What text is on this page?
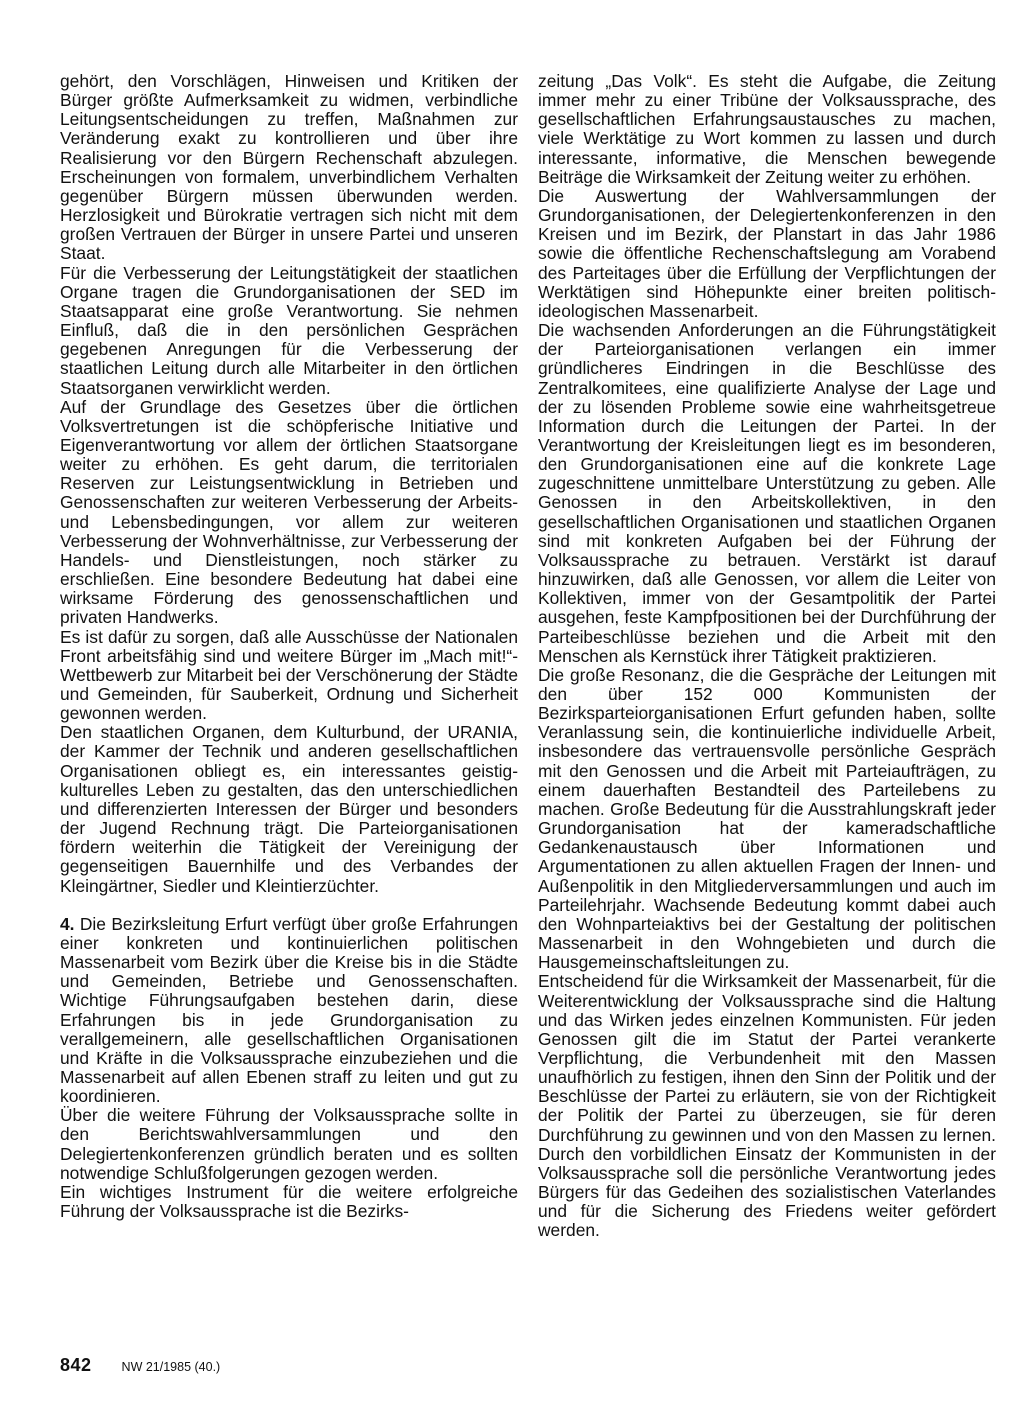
gehört, den Vorschlägen, Hinweisen und Kritiken der Bürger größte Aufmerksamkeit zu widmen, verbindliche Leitungsentscheidungen zu treffen, Maßnahmen zur Veränderung exakt zu kontrollieren und über ihre Realisierung vor den Bürgern Rechenschaft abzulegen. Erscheinungen von formalem, unverbindlichem Verhalten gegenüber Bürgern müssen überwunden werden. Herzlosigkeit und Bürokratie vertragen sich nicht mit dem großen Vertrauen der Bürger in unsere Partei und unseren Staat.

Für die Verbesserung der Leitungstätigkeit der staatlichen Organe tragen die Grundorganisationen der SED im Staatsapparat eine große Verantwortung. Sie nehmen Einfluß, daß die in den persönlichen Gesprächen gegebenen Anregungen für die Verbesserung der staatlichen Leitung durch alle Mitarbeiter in den örtlichen Staatsorganen verwirklicht werden.

Auf der Grundlage des Gesetzes über die örtlichen Volksvertretungen ist die schöpferische Initiative und Eigenverantwortung vor allem der örtlichen Staatsorgane weiter zu erhöhen. Es geht darum, die territorialen Reserven zur Leistungsentwicklung in Betrieben und Genossenschaften zur weiteren Verbesserung der Arbeits- und Lebensbedingungen, vor allem zur weiteren Verbesserung der Wohnverhältnisse, zur Verbesserung der Handels- und Dienstleistungen, noch stärker zu erschließen. Eine besondere Bedeutung hat dabei eine wirksame Förderung des genossenschaftlichen und privaten Handwerks.

Es ist dafür zu sorgen, daß alle Ausschüsse der Nationalen Front arbeitsfähig sind und weitere Bürger im „Mach mit!“-Wettbewerb zur Mitarbeit bei der Verschönerung der Städte und Gemeinden, für Sauberkeit, Ordnung und Sicherheit gewonnen werden.

Den staatlichen Organen, dem Kulturbund, der URANIA, der Kammer der Technik und anderen gesellschaftlichen Organisationen obliegt es, ein interessantes geistig-kulturelles Leben zu gestalten, das den unterschiedlichen und differenzierten Interessen der Bürger und besonders der Jugend Rechnung trägt. Die Parteiorganisationen fördern weiterhin die Tätigkeit der Vereinigung der gegenseitigen Bauernhilfe und des Verbandes der Kleingärtner, Siedler und Kleintierzüchter.

4. Die Bezirksleitung Erfurt verfügt über große Erfahrungen einer konkreten und kontinuierlichen politischen Massenarbeit vom Bezirk über die Kreise bis in die Städte und Gemeinden, Betriebe und Genossenschaften. Wichtige Führungsaufgaben bestehen darin, diese Erfahrungen bis in jede Grundorganisation zu verallgemeinern, alle gesellschaftlichen Organisationen und Kräfte in die Volksaussprache einzubeziehen und die Massenarbeit auf allen Ebenen straff zu leiten und gut zu koordinieren.

Über die weitere Führung der Volksaussprache sollte in den Berichtswahlversammlungen und den Delegiertenkonferenzen gründlich beraten und es sollten notwendige Schlußfolgerungen gezogen werden.

Ein wichtiges Instrument für die weitere erfolgreiche Führung der Volksaussprache ist die Bezirks-

zeitung „Das Volk“. Es steht die Aufgabe, die Zeitung immer mehr zu einer Tribüne der Volksaussprache, des gesellschaftlichen Erfahrungsaustausches zu machen, viele Werktätige zu Wort kommen zu lassen und durch interessante, informative, die Menschen bewegende Beiträge die Wirksamkeit der Zeitung weiter zu erhöhen.

Die Auswertung der Wahlversammlungen der Grundorganisationen, der Delegiertenkonferenzen in den Kreisen und im Bezirk, der Planstart in das Jahr 1986 sowie die öffentliche Rechenschaftslegung am Vorabend des Parteitages über die Erfüllung der Verpflichtungen der Werktätigen sind Höhepunkte einer breiten politisch-ideologischen Massenarbeit.

Die wachsenden Anforderungen an die Führungstätigkeit der Parteiorganisationen verlangen ein immer gründlicheres Eindringen in die Beschlüsse des Zentralkomitees, eine qualifizierte Analyse der Lage und der zu lösenden Probleme sowie eine wahrheitsgetreue Information durch die Leitungen der Partei. In der Verantwortung der Kreisleitungen liegt es im besonderen, den Grundorganisationen eine auf die konkrete Lage zugeschnittene unmittelbare Unterstützung zu geben. Alle Genossen in den Arbeitskollektiven, in den gesellschaftlichen Organisationen und staatlichen Organen sind mit konkreten Aufgaben bei der Führung der Volksaussprache zu betrauen. Verstärkt ist darauf hinzuwirken, daß alle Genossen, vor allem die Leiter von Kollektiven, immer von der Gesamtpolitik der Partei ausgehen, feste Kampfpositionen bei der Durchführung der Parteibeschlüsse beziehen und die Arbeit mit den Menschen als Kernstück ihrer Tätigkeit praktizieren.

Die große Resonanz, die die Gespräche der Leitungen mit den über 152 000 Kommunisten der Bezirksparteiorganisationen Erfurt gefunden haben, sollte Veranlassung sein, die kontinuierliche individuelle Arbeit, insbesondere das vertrauensvolle persönliche Gespräch mit den Genossen und die Arbeit mit Parteiaufträgen, zu einem dauerhaften Bestandteil des Parteilebens zu machen. Große Bedeutung für die Ausstrahlungskraft jeder Grundorganisation hat der kameradschaftliche Gedankenaustausch über Informationen und Argumentationen zu allen aktuellen Fragen der Innen- und Außenpolitik in den Mitgliederversammlungen und auch im Parteilehrjahr. Wachsende Bedeutung kommt dabei auch den Wohnparteiaktivs bei der Gestaltung der politischen Massenarbeit in den Wohngebieten und durch die Hausgemeinschaftsleitungen zu.

Entscheidend für die Wirksamkeit der Massenarbeit, für die Weiterentwicklung der Volksaussprache sind die Haltung und das Wirken jedes einzelnen Kommunisten. Für jeden Genossen gilt die im Statut der Partei verankerte Verpflichtung, die Verbundenheit mit den Massen unaufhörlich zu festigen, ihnen den Sinn der Politik und der Beschlüsse der Partei zu erläutern, sie von der Richtigkeit der Politik der Partei zu überzeugen, sie für deren Durchführung zu gewinnen und von den Massen zu lernen. Durch den vorbildlichen Einsatz der Kommunisten in der Volksaussprache soll die persönliche Verantwortung jedes Bürgers für das Gedeihen des sozialistischen Vaterlandes und für die Sicherung des Friedens weiter gefördert werden.

842 NW 21/1985 (40.)
